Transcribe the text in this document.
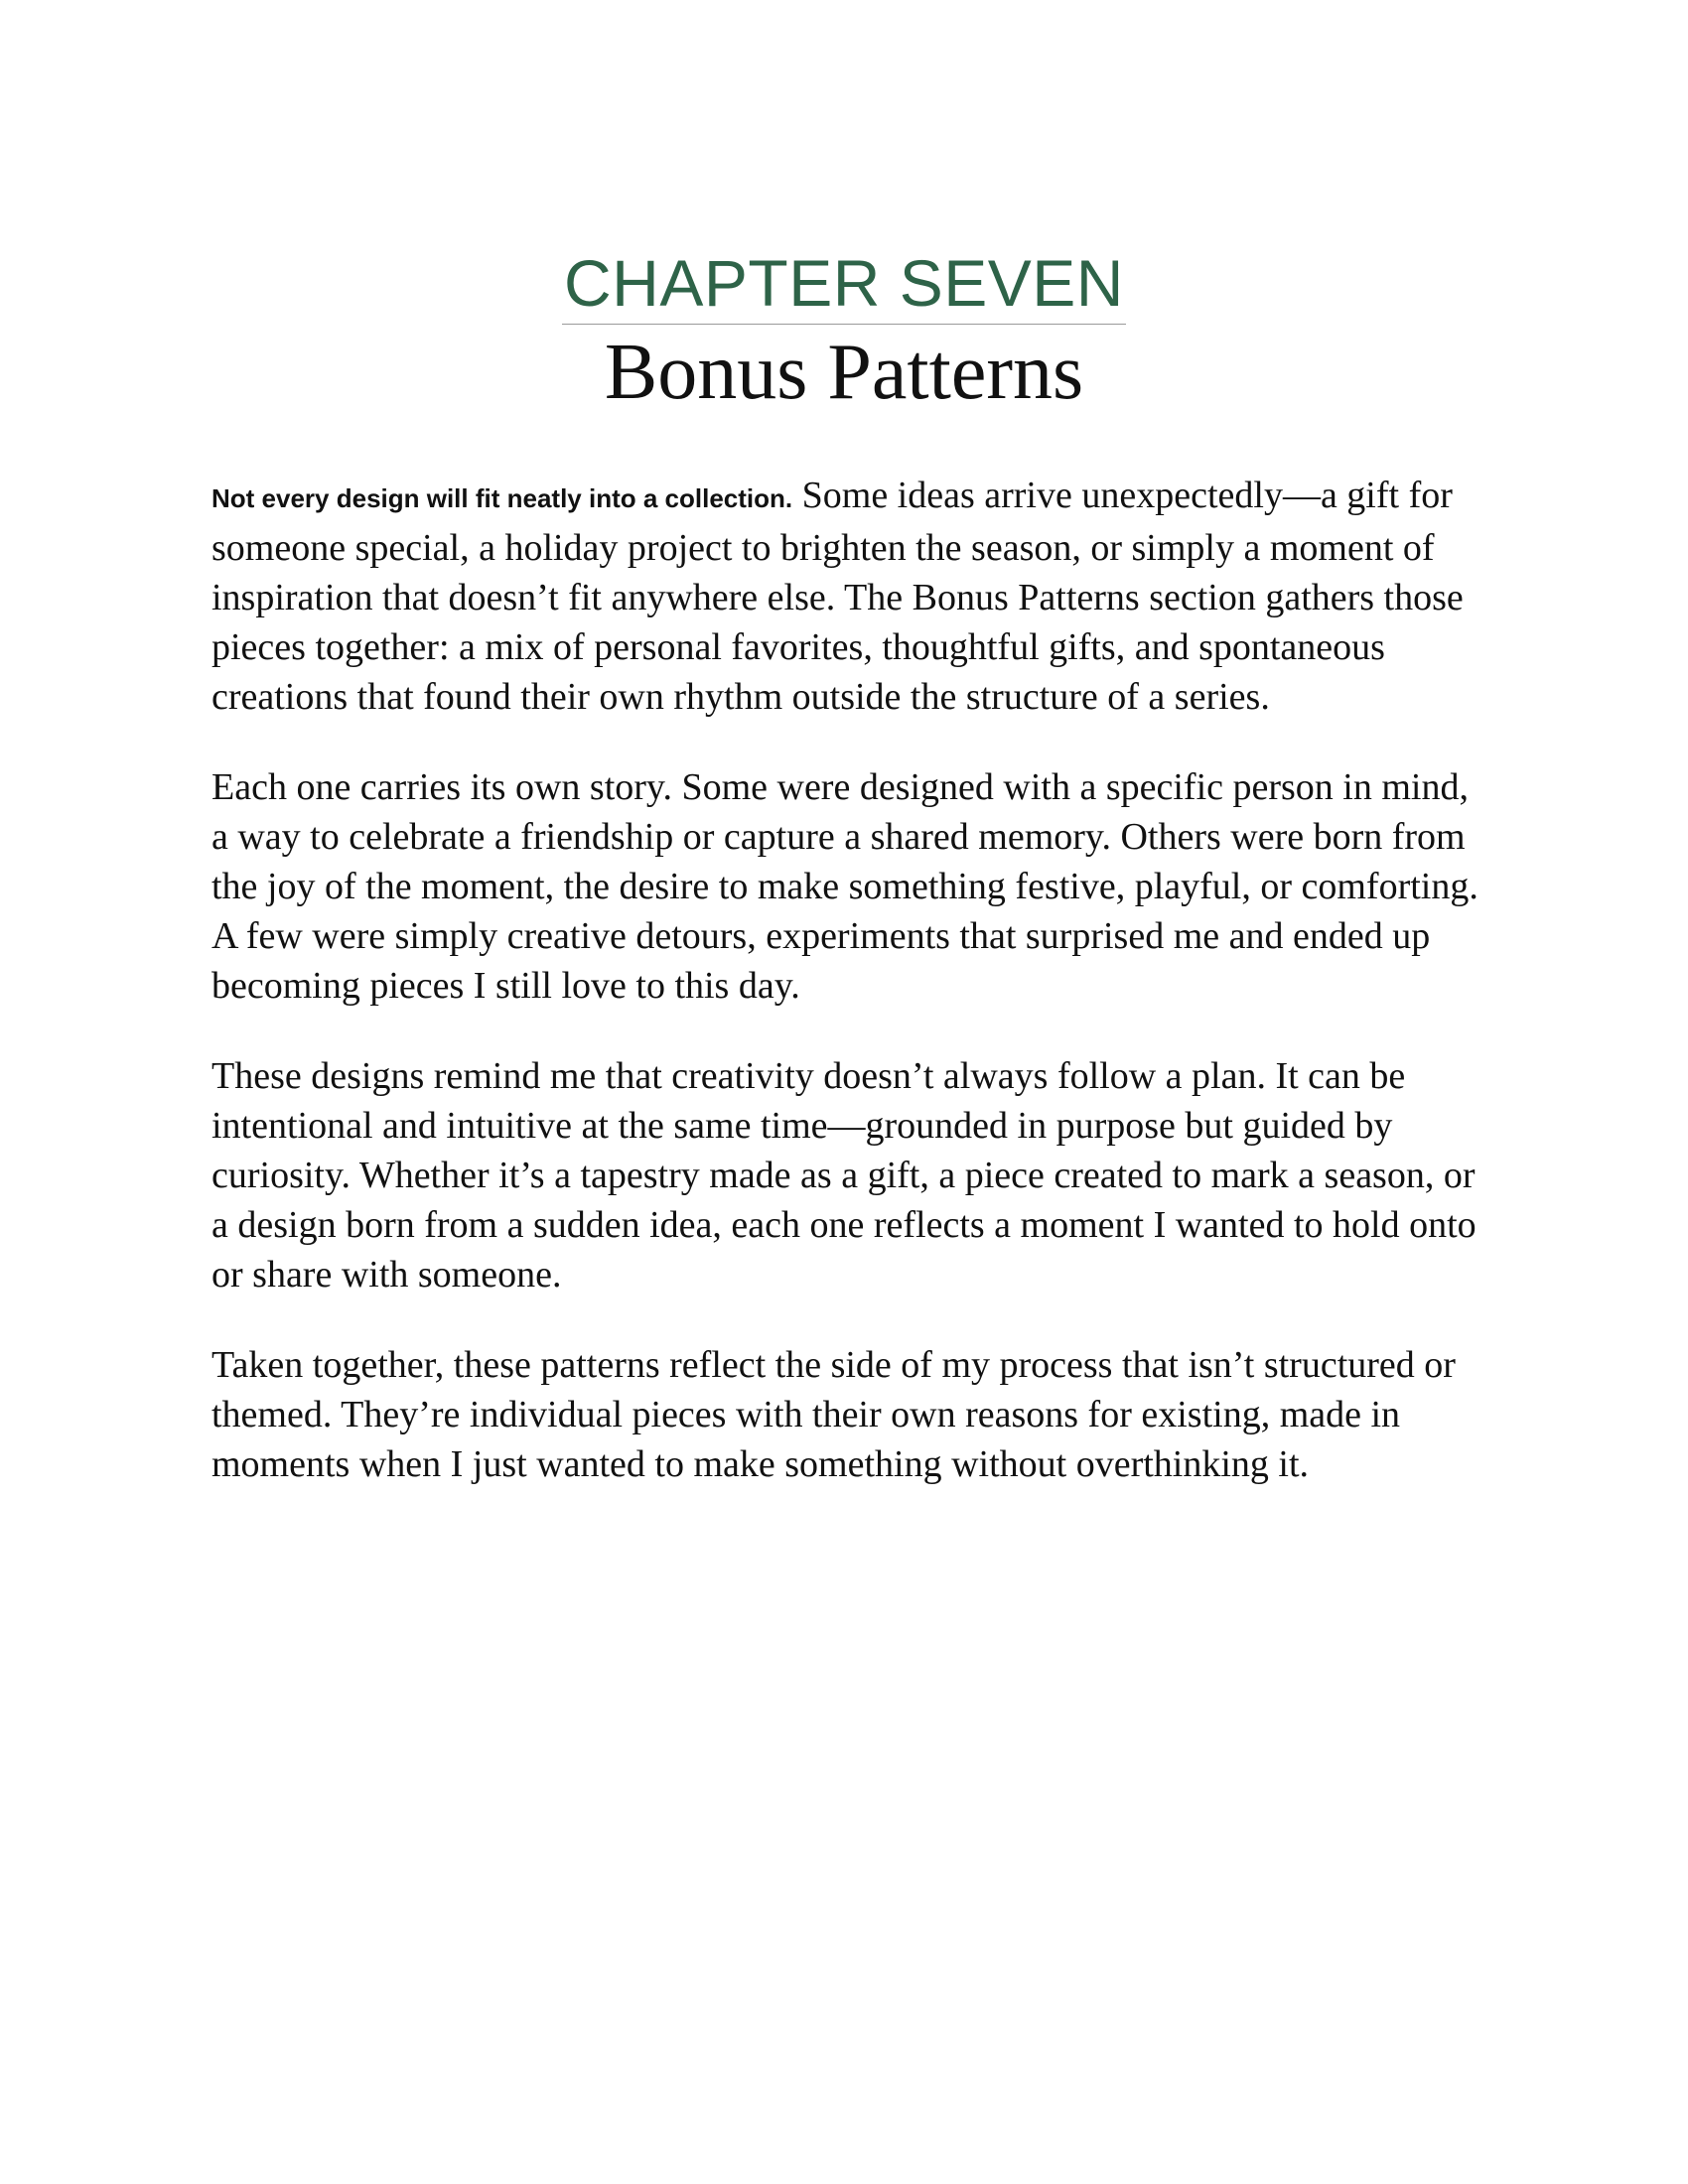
CHAPTER SEVEN
Bonus Patterns

Not every design will fit neatly into a collection. Some ideas arrive unexpectedly—a gift for someone special, a holiday project to brighten the season, or simply a moment of inspiration that doesn’t fit anywhere else. The Bonus Patterns section gathers those pieces together: a mix of personal favorites, thoughtful gifts, and spontaneous creations that found their own rhythm outside the structure of a series.

Each one carries its own story. Some were designed with a specific person in mind, a way to celebrate a friendship or capture a shared memory. Others were born from the joy of the moment, the desire to make something festive, playful, or comforting. A few were simply creative detours, experiments that surprised me and ended up becoming pieces I still love to this day.

These designs remind me that creativity doesn’t always follow a plan. It can be intentional and intuitive at the same time—grounded in purpose but guided by curiosity. Whether it’s a tapestry made as a gift, a piece created to mark a season, or a design born from a sudden idea, each one reflects a moment I wanted to hold onto or share with someone.

Taken together, these patterns reflect the side of my process that isn’t structured or themed. They’re individual pieces with their own reasons for existing, made in moments when I just wanted to make something without overthinking it.
